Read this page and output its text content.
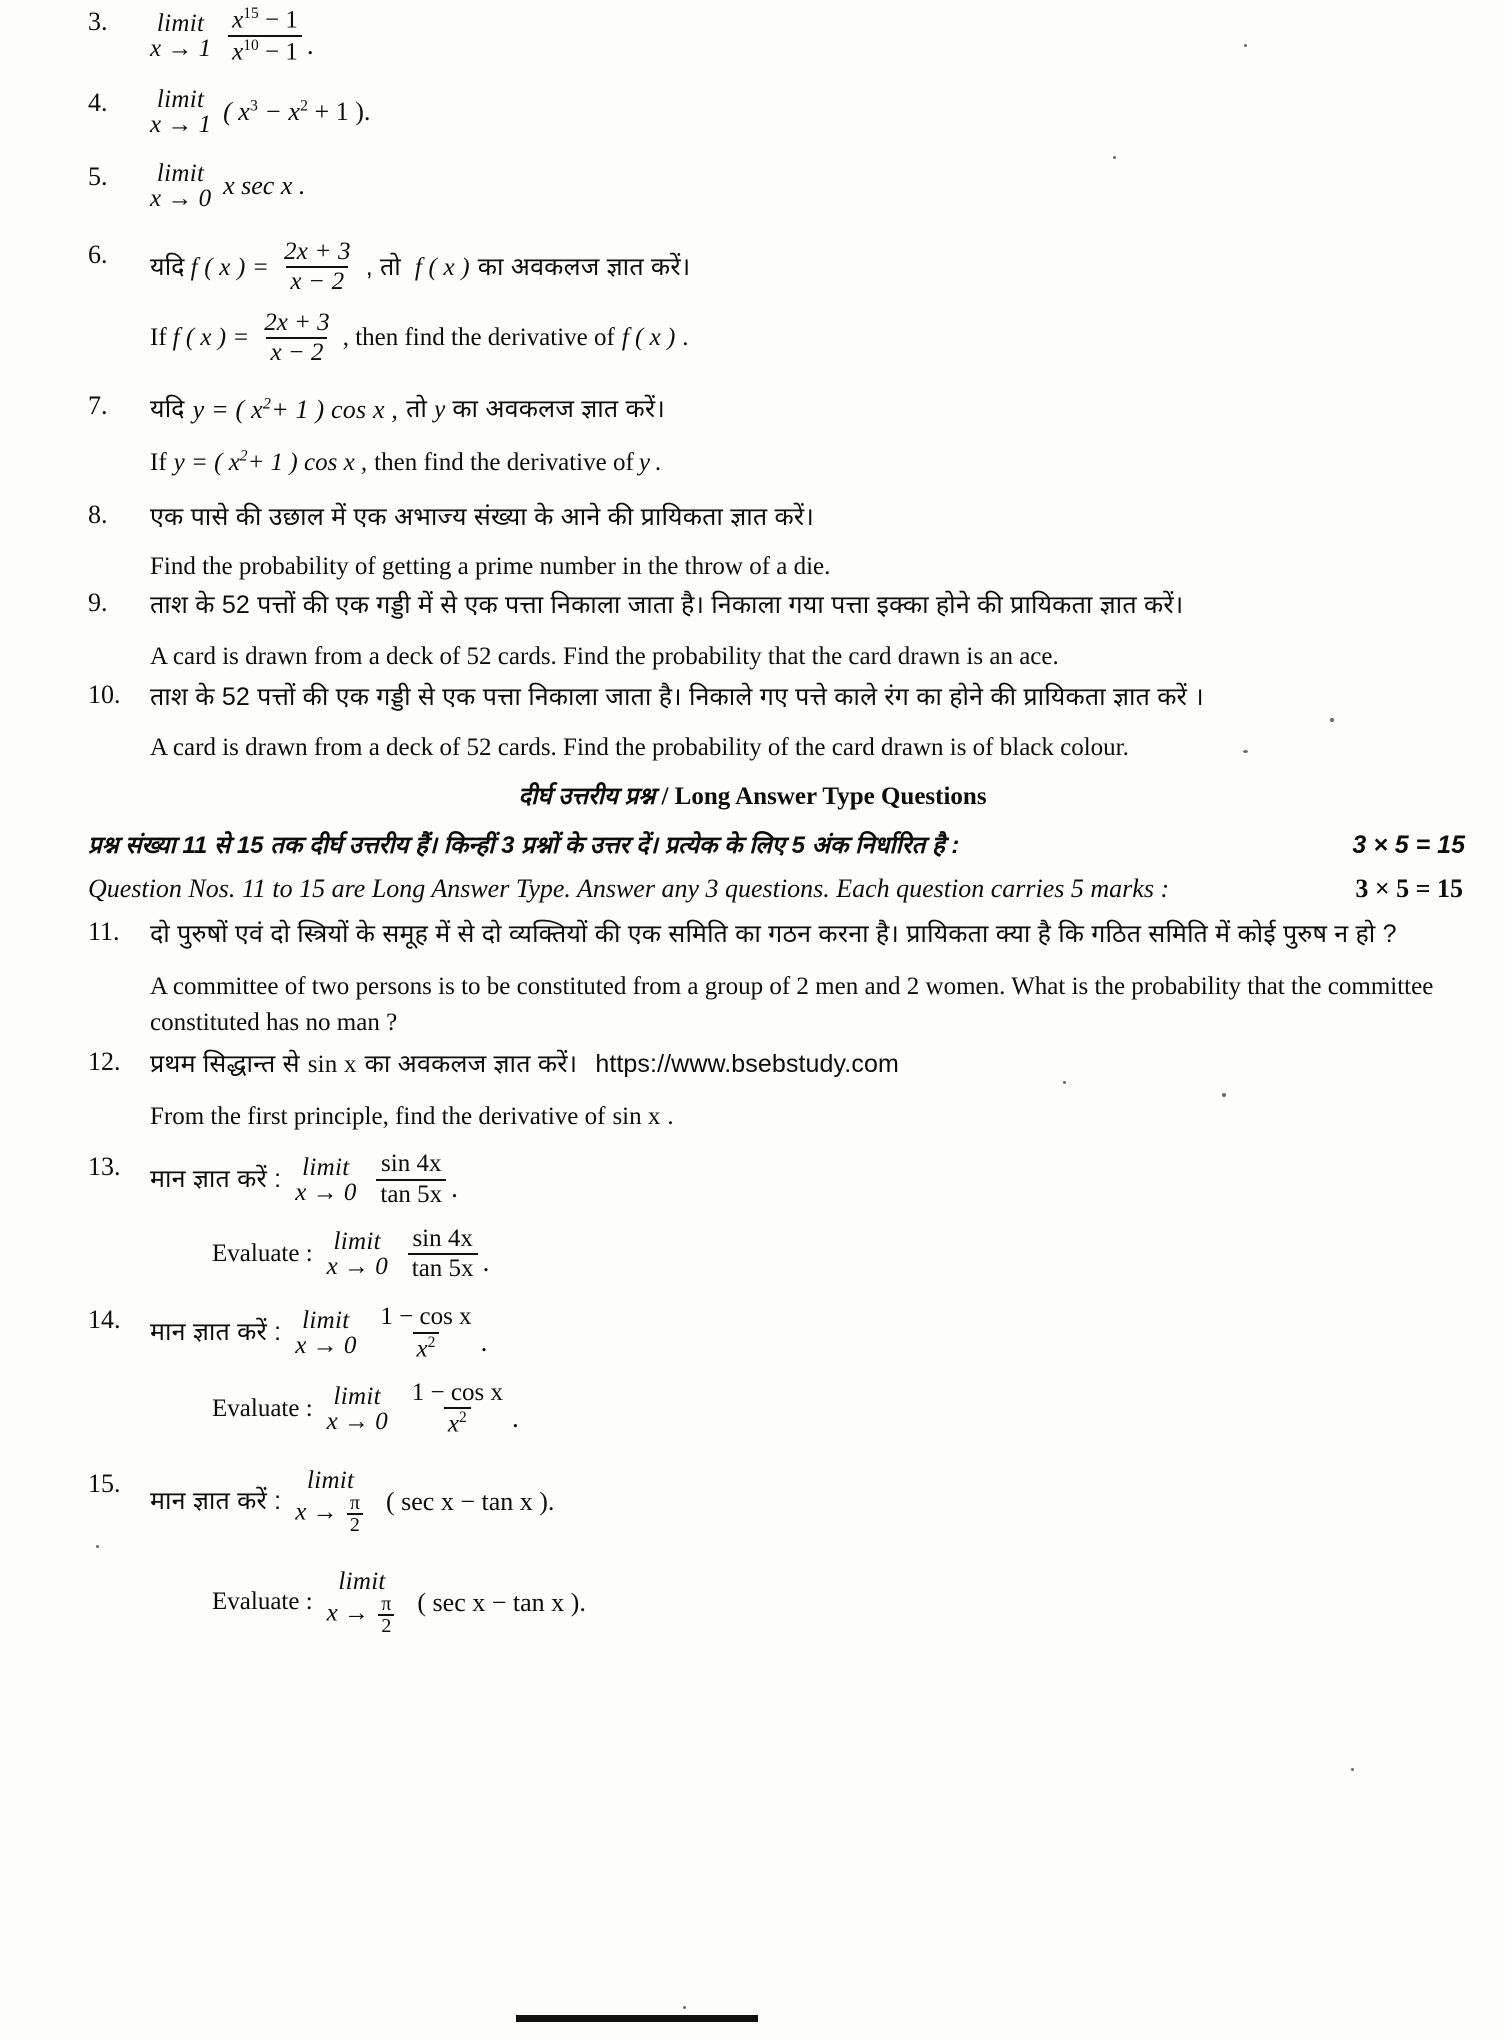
3.	limit
$x \to 1 \frac{x^{15} - 1}{x^{10} - 1}$ .
4.	limit
x → 1 ( $x^3 - x^2 + 1$ ).
5.	limit
x → 0 x sec x .
6.	यदि f ( x ) = $\frac{2x + 3}{x - 2}$ , तो f ( x ) का अवकलज ज्ञात करें।
If f ( x ) = $\frac{2x + 3}{x - 2}$ , then find the derivative of f ( x ) .
7.	यदि y = ( $x^2+ 1$ ) cos x , तो y का अवकलज ज्ञात करें।
If y = ( $x^2+ 1$ ) cos x , then find the derivative of y .
8.	एक पासे की उछाल में एक अभाज्य संख्या के आने की प्रायिकता ज्ञात करें।
Find the probability of getting a prime number in the throw of a die.
9.	ताश के 52 पत्तों की एक गड्डी में से एक पत्ता निकाला जाता है। निकाला गया पत्ता इक्का होने की प्रायिकता ज्ञात करें।
A card is drawn from a deck of 52 cards. Find the probability that the card drawn is an ace.
10.	ताश के 52 पत्तों की एक गड्डी से एक पत्ता निकाला जाता है। निकाले गए पत्ते काले रंग का होने की प्रायिकता ज्ञात करें ।
A card is drawn from a deck of 52 cards. Find the probability of the card drawn is of black colour.
दीर्घ उत्तरीय प्रश्न / Long Answer Type Questions
प्रश्न संख्या 11 से 15 तक दीर्घ उत्तरीय हैं। किन्हीं 3 प्रश्नों के उत्तर दें। प्रत्येक के लिए 5 अंक निर्धारित है :	3 × 5 = 15
3 × 5 = 15
Question Nos. 11 to 15 are Long Answer Type. Answer any 3 questions. Each question carries 5 marks :
11.	दो पुरुषों एवं दो स्त्रियों के समूह में से दो व्यक्तियों की एक समिति का गठन करना है। प्रायिकता क्या है कि गठित समिति में कोई पुरुष न हो ?
A committee of two persons is to be constituted from a group of 2 men and 2 women. What is the probability that the committee constituted has no man ?
12.	प्रथम सिद्धान्त से sin x का अवकलज ज्ञात करें। https://www.bsebstudy.com
From the first principle, find the derivative of sin x .
13.	मान ज्ञात करें : limit
$x \to 0 \frac{\sin 4x}{\tan 5x}$ .
Evaluate : limit
$x \to 0 \frac{\sin 4x}{\tan 5x}$ .
14.	मान ज्ञात करें : limit
$x \to 0 \frac{\text{1 − cos x}}{x^2}$ .
Evaluate : limit
$x \to 0 \frac{\text{1 − cos x}}{x^2}$ .
15.
मान ज्ञात करें :
limit
$x \to \frac{\pi}{2}$ ( sec x − tan x ).
Evaluate :
limit
$x \to \frac{\pi}{2}$ ( sec x − tan x ).
